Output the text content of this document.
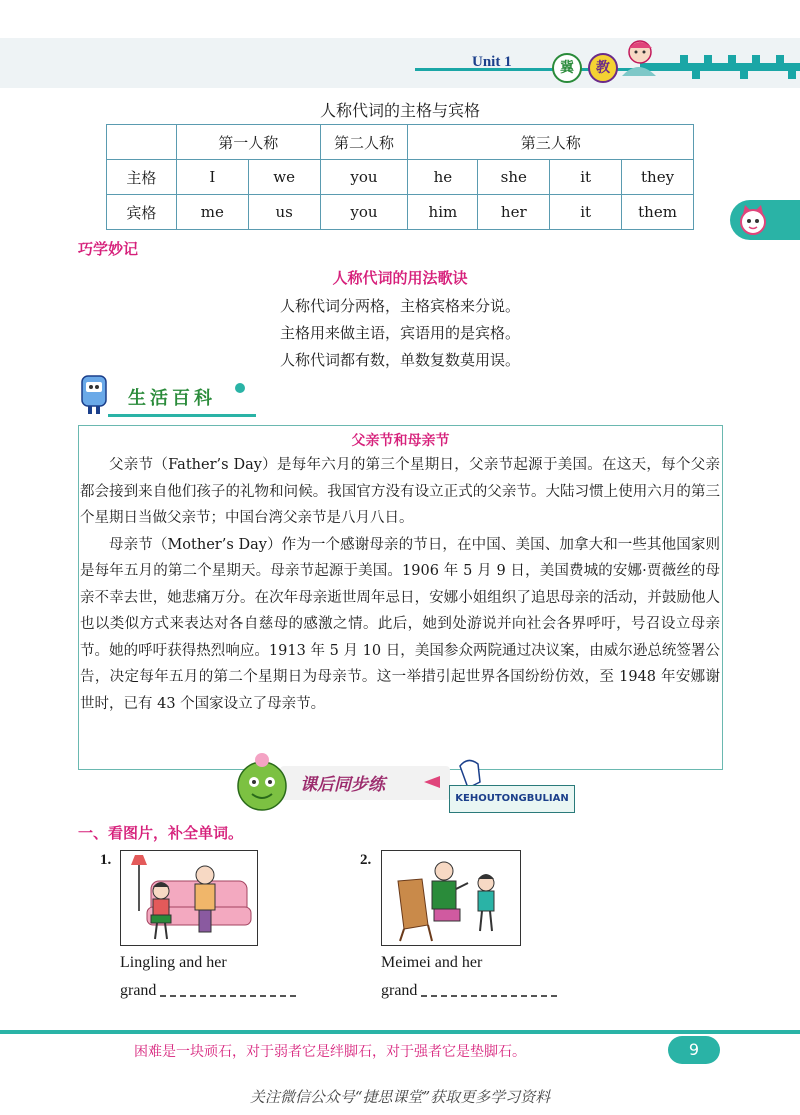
Unit 1	冀	教
人称代词的主格与宾格
	第一人称		第二人称	第三人称			
主格	I	we	you	he	she	it	they
宾格	me	us	you	him	her	it	them
巧学妙记
人称代词的用法歌诀
人称代词分两格，主格宾格来分说。
主格用来做主语，宾语用的是宾格。
人称代词都有数，单数复数莫用误。
生活百科
父亲节和母亲节

父亲节（Father’s Day）是每年六月的第三个星期日，父亲节起源于美国。在这天，每个父亲都会接到来自他们孩子的礼物和问候。我国官方没有设立正式的父亲节。大陆习惯上使用六月的第三个星期日当做父亲节；中国台湾父亲节是八月八日。

母亲节（Mother’s Day）作为一个感谢母亲的节日，在中国、美国、加拿大和一些其他国家则是每年五月的第二个星期天。母亲节起源于美国。1906 年 5 月 9 日，美国费城的安娜·贾薇丝的母亲不幸去世，她悲痛万分。在次年母亲逝世周年忌日，安娜小姐组织了追思母亲的活动，并鼓励他人也以类似方式来表达对各自慈母的感激之情。此后，她到处游说并向社会各界呼吁，号召设立母亲节。她的呼吁获得热烈响应。1913 年 5 月 10 日，美国参众两院通过决议案，由威尔逊总统签署公告，决定每年五月的第二个星期日为母亲节。这一举措引起世界各国纷纷仿效，至 1948 年安娜谢世时，已有 43 个国家设立了母亲节。

课后同步练
KEHOUTONGBULIAN
一、看图片，补全单词。
1.
Lingling and her
grand
2.
Meimei and her
grand
困难是一块顽石，对于弱者它是绊脚石，对于强者它是垫脚石。	9
关注微信公众号“捷思课堂”获取更多学习资料
